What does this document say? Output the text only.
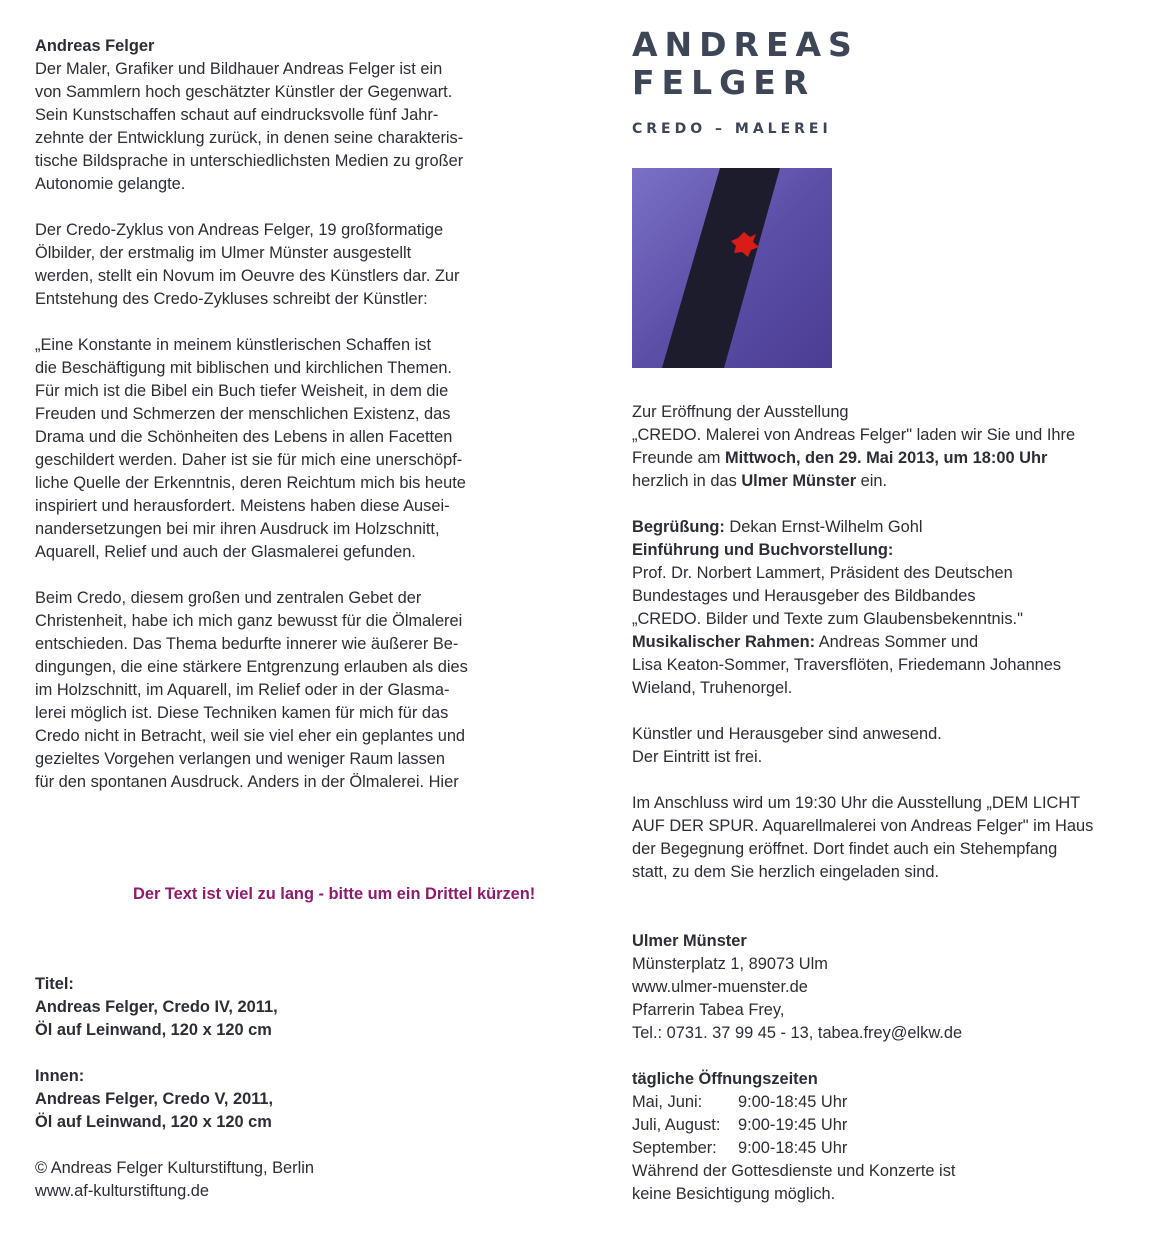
Andreas Felger
Der Maler, Grafiker und Bildhauer Andreas Felger ist ein
von Sammlern hoch geschätzter Künstler der Gegenwart.
Sein Kunstschaffen schaut auf eindrucksvolle fünf Jahr-
zehnte der Entwicklung zurück, in denen seine charakteris-
tische Bildsprache in unterschiedlichsten Medien zu großer
Autonomie gelangte.

Der Credo-Zyklus von Andreas Felger, 19 großformatige
Ölbilder, der erstmalig im Ulmer Münster ausgestellt
werden, stellt ein Novum im Oeuvre des Künstlers dar. Zur
Entstehung des Credo-Zykluses schreibt der Künstler:

„Eine Konstante in meinem künstlerischen Schaffen ist
die Beschäftigung mit biblischen und kirchlichen Themen.
Für mich ist die Bibel ein Buch tiefer Weisheit, in dem die
Freuden und Schmerzen der menschlichen Existenz, das
Drama und die Schönheiten des Lebens in allen Facetten
geschildert werden. Daher ist sie für mich eine unerschöpf-
liche Quelle der Erkenntnis, deren Reichtum mich bis heute
inspiriert und herausfordert. Meistens haben diese Ausei-
nandersetzungen bei mir ihren Ausdruck im Holzschnitt,
Aquarell, Relief und auch der Glasmalerei gefunden.

Beim Credo, diesem großen und zentralen Gebet der
Christenheit, habe ich mich ganz bewusst für die Ölmalerei
entschieden. Das Thema bedurfte innerer wie äußerer Be-
dingungen, die eine stärkere Entgrenzung erlauben als dies
im Holzschnitt, im Aquarell, im Relief oder in der Glasma-
lerei möglich ist. Diese Techniken kamen für mich für das
Credo nicht in Betracht, weil sie viel eher ein geplantes und
gezieltes Vorgehen verlangen und weniger Raum lassen
für den spontanen Ausdruck. Anders in der Ölmalerei. Hier

Der Text ist viel zu lang - bitte um ein Drittel kürzen!

Titel:
Andreas Felger, Credo IV, 2011,
Öl auf Leinwand, 120 x 120 cm
Innen:
Andreas Felger, Credo V, 2011,
Öl auf Leinwand, 120 x 120 cm
© Andreas Felger Kulturstiftung, Berlin
www.af-kulturstiftung.de
ANDREAS
FELGER

CREDO – MALEREI

Zur Eröffnung der Ausstellung
„CREDO. Malerei von Andreas Felger" laden wir Sie und Ihre
Freunde am Mittwoch, den 29. Mai 2013, um 18:00 Uhr
herzlich in das Ulmer Münster ein.

Begrüßung: Dekan Ernst-Wilhelm Gohl
Einführung und Buchvorstellung:
Prof. Dr. Norbert Lammert, Präsident des Deutschen
Bundestages und Herausgeber des Bildbandes
„CREDO. Bilder und Texte zum Glaubensbekenntnis."
Musikalischer Rahmen: Andreas Sommer und
Lisa Keaton-Sommer, Traversflöten, Friedemann Johannes
Wieland, Truhenorgel.

Künstler und Herausgeber sind anwesend.
Der Eintritt ist frei.

Im Anschluss wird um 19:30 Uhr die Ausstellung „DEM LICHT
AUF DER SPUR. Aquarellmalerei von Andreas Felger" im Haus
der Begegnung eröffnet. Dort findet auch ein Stehempfang
statt, zu dem Sie herzlich eingeladen sind.

Ulmer Münster
Münsterplatz 1, 89073 Ulm
www.ulmer-muenster.de
Pfarrerin Tabea Frey,
Tel.: 0731. 37 99 45 - 13, tabea.frey@elkw.de

tägliche Öffnungszeiten
Mai, Juni:	9:00-18:45 Uhr
Juli, August:	9:00-19:45 Uhr
September:	9:00-18:45 Uhr
Während der Gottesdienste und Konzerte ist
keine Besichtigung möglich.
